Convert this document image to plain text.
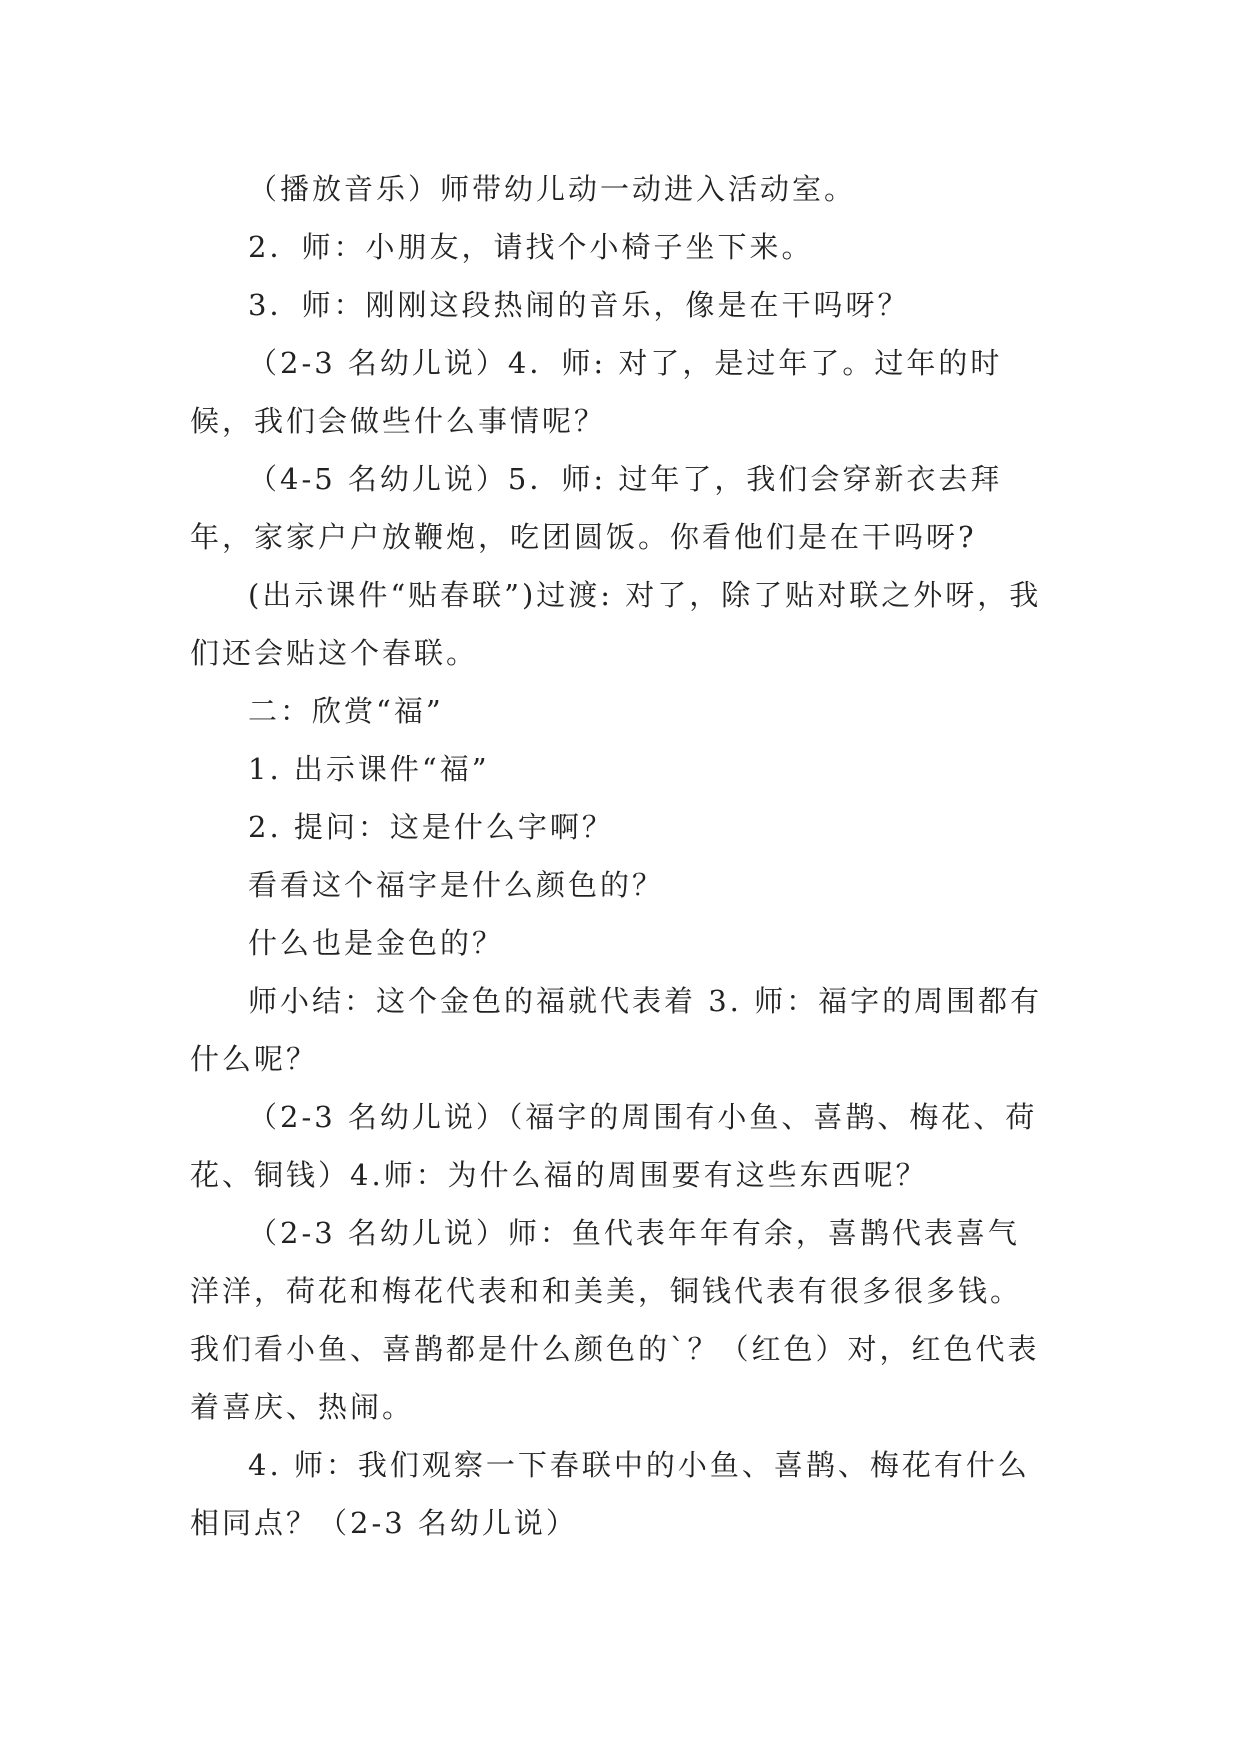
（播放音乐）师带幼儿动一动进入活动室。

2．师：小朋友，请找个小椅子坐下来。

3．师：刚刚这段热闹的音乐，像是在干吗呀？

（2-3 名幼儿说）4．师: 对了，是过年了。过年的时候，我们会做些什么事情呢？

（4-5 名幼儿说）5．师: 过年了，我们会穿新衣去拜年，家家户户放鞭炮，吃团圆饭。你看他们是在干吗呀?

(出示课件“贴春联”)过渡: 对了，除了贴对联之外呀，我们还会贴这个春联。

二：欣赏“福”

1. 出示课件“福”

2. 提问：这是什么字啊？

看看这个福字是什么颜色的？

什么也是金色的？

师小结：这个金色的福就代表着 3. 师：福字的周围都有什么呢？

（2-3 名幼儿说）（福字的周围有小鱼、喜鹊、梅花、荷花、铜钱）4.师：为什么福的周围要有这些东西呢？

（2-3 名幼儿说）师：鱼代表年年有余，喜鹊代表喜气洋洋，荷花和梅花代表和和美美，铜钱代表有很多很多钱。我们看小鱼、喜鹊都是什么颜色的`？（红色）对，红色代表着喜庆、热闹。

4. 师：我们观察一下春联中的小鱼、喜鹊、梅花有什么相同点？（2-3 名幼儿说）
